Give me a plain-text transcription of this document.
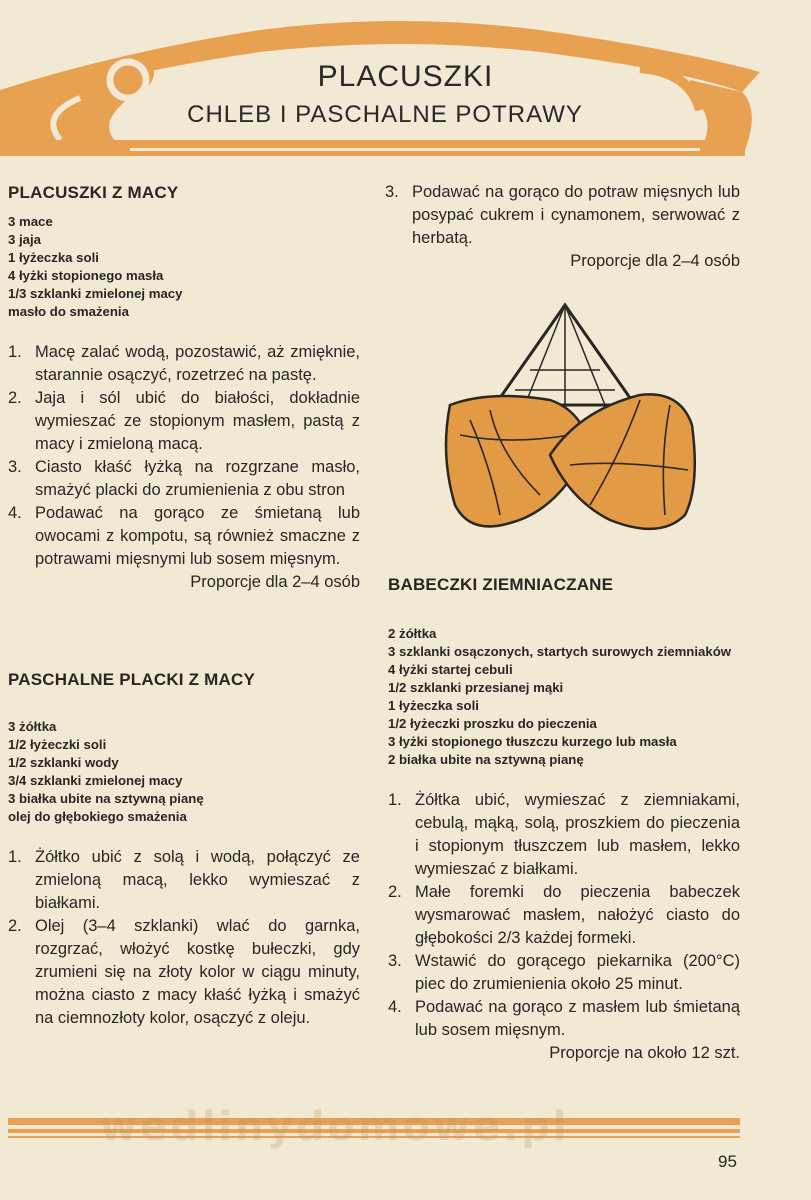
PLACUSZKI
CHLEB I PASCHALNE POTRAWY
PLACUSZKI Z MACY
3 mace
3 jaja
1 łyżeczka soli
4 łyżki stopionego masła
1/3 szklanki zmielonej macy
masło do smażenia
1. Macę zalać wodą, pozostawić, aż zmięknie, starannie osączyć, rozetrzeć na pastę.
2. Jaja i sól ubić do białości, dokładnie wymieszać ze stopionym masłem, pastą z macy i zmieloną macą.
3. Ciasto kłaść łyżką na rozgrzane masło, smażyć placki do zrumienienia z obu stron
4. Podawać na gorąco ze śmietaną lub owocami z kompotu, są również smaczne z potrawami mięsnymi lub sosem mięsnym.
Proporcje dla 2–4 osób
PASCHALNE PLACKI Z MACY
3 żółtka
1/2 łyżeczki soli
1/2 szklanki wody
3/4 szklanki zmielonej macy
3 białka ubite na sztywną pianę
olej do głębokiego smażenia
1. Żółtko ubić z solą i wodą, połączyć ze zmieloną macą, lekko wymieszać z białkami.
2. Olej (3–4 szklanki) wlać do garnka, rozgrzać, włożyć kostkę bułeczki, gdy zrumieni się na złoty kolor w ciągu minuty, można ciasto z macy kłaść łyżką i smażyć na ciemnozłoty kolor, osączyć z oleju.
3. Podawać na gorąco do potraw mięsnych lub posypać cukrem i cynamonem, serwować z herbatą.
Proporcje dla 2–4 osób
BABECZKI ZIEMNIACZANE
2 żółtka
3 szklanki osączonych, startych surowych ziemniaków
4 łyżki startej cebuli
1/2 szklanki przesianej mąki
1 łyżeczka soli
1/2 łyżeczki proszku do pieczenia
3 łyżki stopionego tłuszczu kurzego lub masła
2 białka ubite na sztywną pianę
1. Żółtka ubić, wymieszać z ziemniakami, cebulą, mąką, solą, proszkiem do pieczenia i stopionym tłuszczem lub masłem, lekko wymieszać z białkami.
2. Małe foremki do pieczenia babeczek wysmarować masłem, nałożyć ciasto do głębokości 2/3 każdej formeki.
3. Wstawić do gorącego piekarnika (200°C) piec do zrumienienia około 25 minut.
4. Podawać na gorąco z masłem lub śmietaną lub sosem mięsnym.
Proporcje na około 12 szt.
wedlinydomowe.pl
95
